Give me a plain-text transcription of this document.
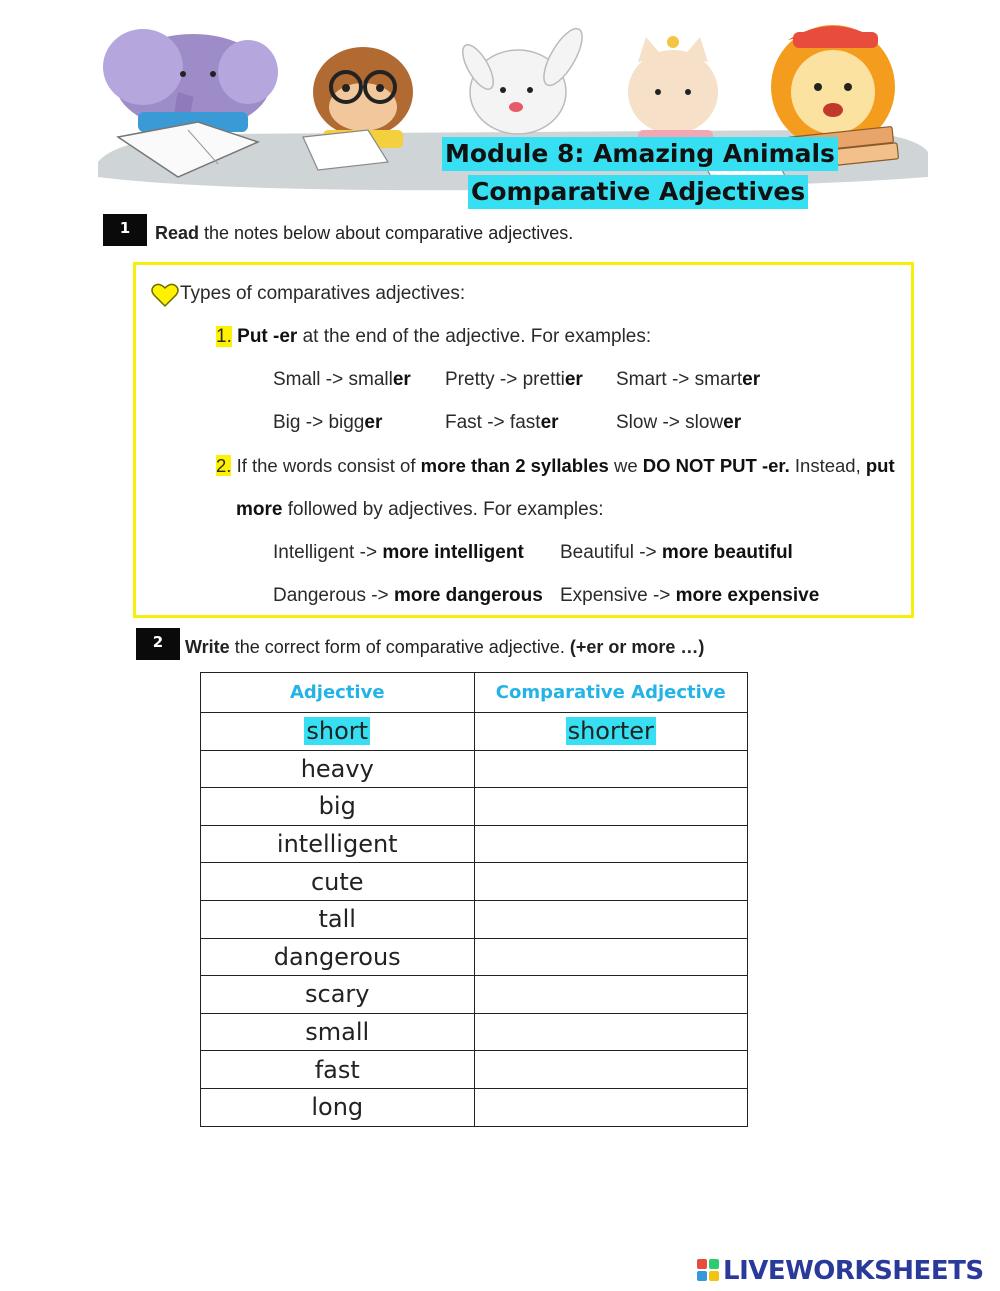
Module 8: Amazing Animals
Comparative Adjectives
1	Read the notes below about comparative adjectives.
Types of comparatives adjectives:
1. Put -er at the end of the adjective. For examples:
Small -> smaller Pretty -> prettier Smart -> smarter
Big -> bigger	Fast -> faster	Slow -> slower
2. If the words consist of more than 2 syllables we DO NOT PUT -er. Instead, put
more followed by adjectives. For examples:
Intelligent -> more intelligent Beautiful -> more beautiful
Dangerous -> more dangerous Expensive -> more expensive
2	Write the correct form of comparative adjective. (+er or more …)
Adjective	Comparative Adjective
short	shorter
heavy	
big	
intelligent	
cute	
tall	
dangerous	
scary	
small	
fast	
long	
LIVEWORKSHEETS
